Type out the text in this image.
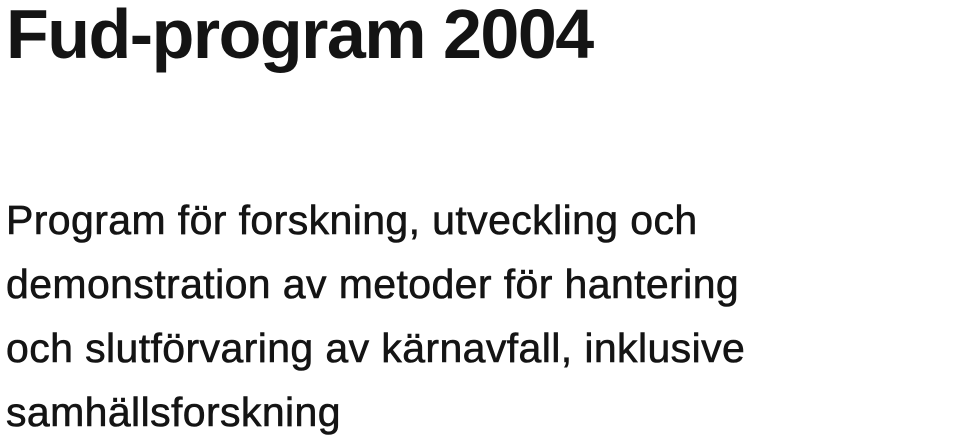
Fud-program 2004
Program för forskning, utveckling och
demonstration av metoder för hantering
och slutförvaring av kärnavfall, inklusive
samhällsforskning
